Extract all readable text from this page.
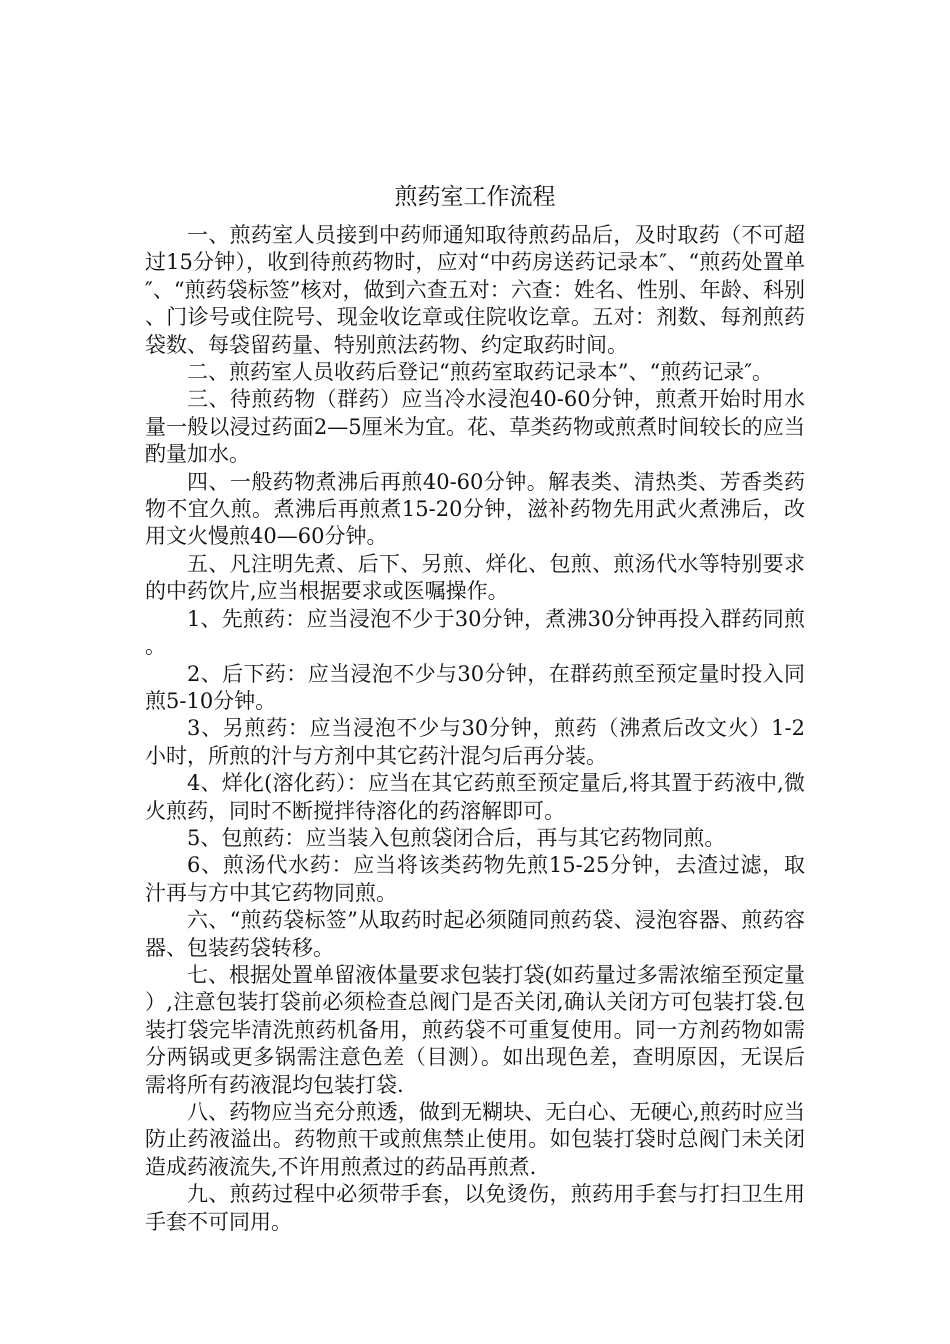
煎药室工作流程

一、煎药室人员接到中药师通知取待煎药品后，及时取药（不可超过15分钟），收到待煎药物时，应对“中药房送药记录本″、“煎药处置单″、“煎药袋标签”核对，做到六查五对：六查：姓名、性别、年龄、科别、门诊号或住院号、现金收讫章或住院收讫章。五对：剂数、每剂煎药袋数、每袋留药量、特别煎法药物、约定取药时间。

二、煎药室人员收药后登记“煎药室取药记录本”、“煎药记录″。

三、待煎药物（群药）应当冷水浸泡40-60分钟，煎煮开始时用水量一般以浸过药面2—5厘米为宜。花、草类药物或煎煮时间较长的应当酌量加水。

四、一般药物煮沸后再煎40-60分钟。解表类、清热类、芳香类药物不宜久煎。煮沸后再煎煮15-20分钟，滋补药物先用武火煮沸后，改用文火慢煎40—60分钟。

五、凡注明先煮、后下、另煎、烊化、包煎、煎汤代水等特别要求的中药饮片,应当根据要求或医嘱操作。

1、先煎药：应当浸泡不少于30分钟，煮沸30分钟再投入群药同煎。

2、后下药：应当浸泡不少与30分钟，在群药煎至预定量时投入同煎5-10分钟。

3、另煎药：应当浸泡不少与30分钟，煎药（沸煮后改文火）1-2小时，所煎的汁与方剂中其它药汁混匀后再分装。

4、烊化(溶化药）：应当在其它药煎至预定量后,将其置于药液中,微火煎药，同时不断搅拌待溶化的药溶解即可。

5、包煎药：应当装入包煎袋闭合后，再与其它药物同煎。

6、煎汤代水药：应当将该类药物先煎15-25分钟，去渣过滤，取汁再与方中其它药物同煎。

六、“煎药袋标签”从取药时起必须随同煎药袋、浸泡容器、煎药容器、包装药袋转移。

七、根据处置单留液体量要求包装打袋(如药量过多需浓缩至预定量）,注意包装打袋前必须检查总阀门是否关闭,确认关闭方可包装打袋.包装打袋完毕清洗煎药机备用，煎药袋不可重复使用。同一方剂药物如需分两锅或更多锅需注意色差（目测）。如出现色差，查明原因，无误后需将所有药液混均包装打袋.

八、药物应当充分煎透，做到无糊块、无白心、无硬心,煎药时应当防止药液溢出。药物煎干或煎焦禁止使用。如包装打袋时总阀门未关闭造成药液流失,不许用煎煮过的药品再煎煮.

九、煎药过程中必须带手套，以免烫伤，煎药用手套与打扫卫生用手套不可同用。
